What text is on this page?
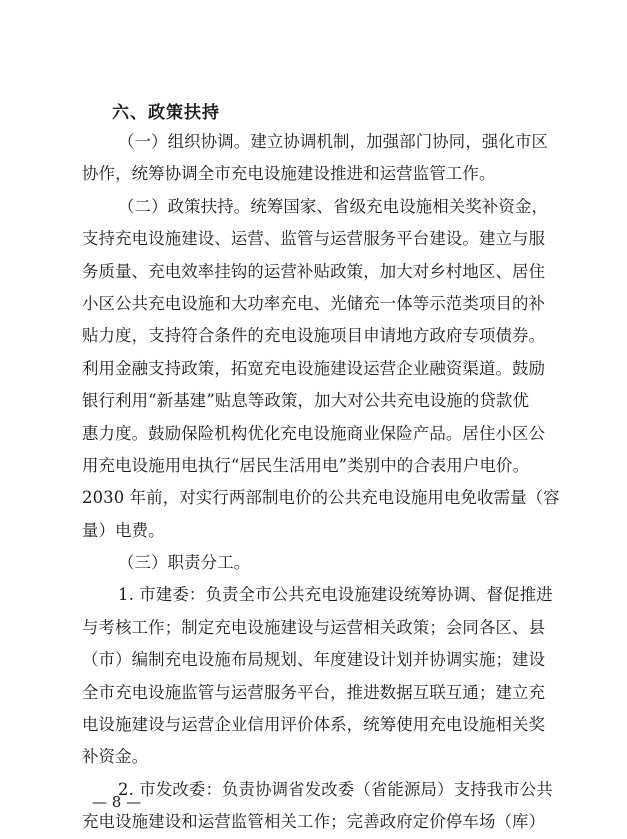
六、政策扶持
（一）组织协调。建立协调机制，加强部门协同，强化市区
协作，统筹协调全市充电设施建设推进和运营监管工作。
（二）政策扶持。统筹国家、省级充电设施相关奖补资金，
支持充电设施建设、运营、监管与运营服务平台建设。建立与服
务质量、充电效率挂钩的运营补贴政策，加大对乡村地区、居住
小区公共充电设施和大功率充电、光储充一体等示范类项目的补
贴力度，支持符合条件的充电设施项目申请地方政府专项债券。
利用金融支持政策，拓宽充电设施建设运营企业融资渠道。鼓励
银行利用“新基建”贴息等政策，加大对公共充电设施的贷款优
惠力度。鼓励保险机构优化充电设施商业保险产品。居住小区公
用充电设施用电执行“居民生活用电”类别中的合表用户电价。
2030 年前，对实行两部制电价的公共充电设施用电免收需量（容
量）电费。
（三）职责分工。
1. 市建委：负责全市公共充电设施建设统筹协调、督促推进
与考核工作；制定充电设施建设与运营相关政策；会同各区、县
（市）编制充电设施布局规划、年度建设计划并协调实施；建设
全市充电设施监管与运营服务平台，推进数据互联互通；建立充
电设施建设与运营企业信用评价体系，统筹使用充电设施相关奖
补资金。
2. 市发改委：负责协调省发改委（省能源局）支持我市公共
充电设施建设和运营监管相关工作；完善政府定价停车场（库）
— 8 —
